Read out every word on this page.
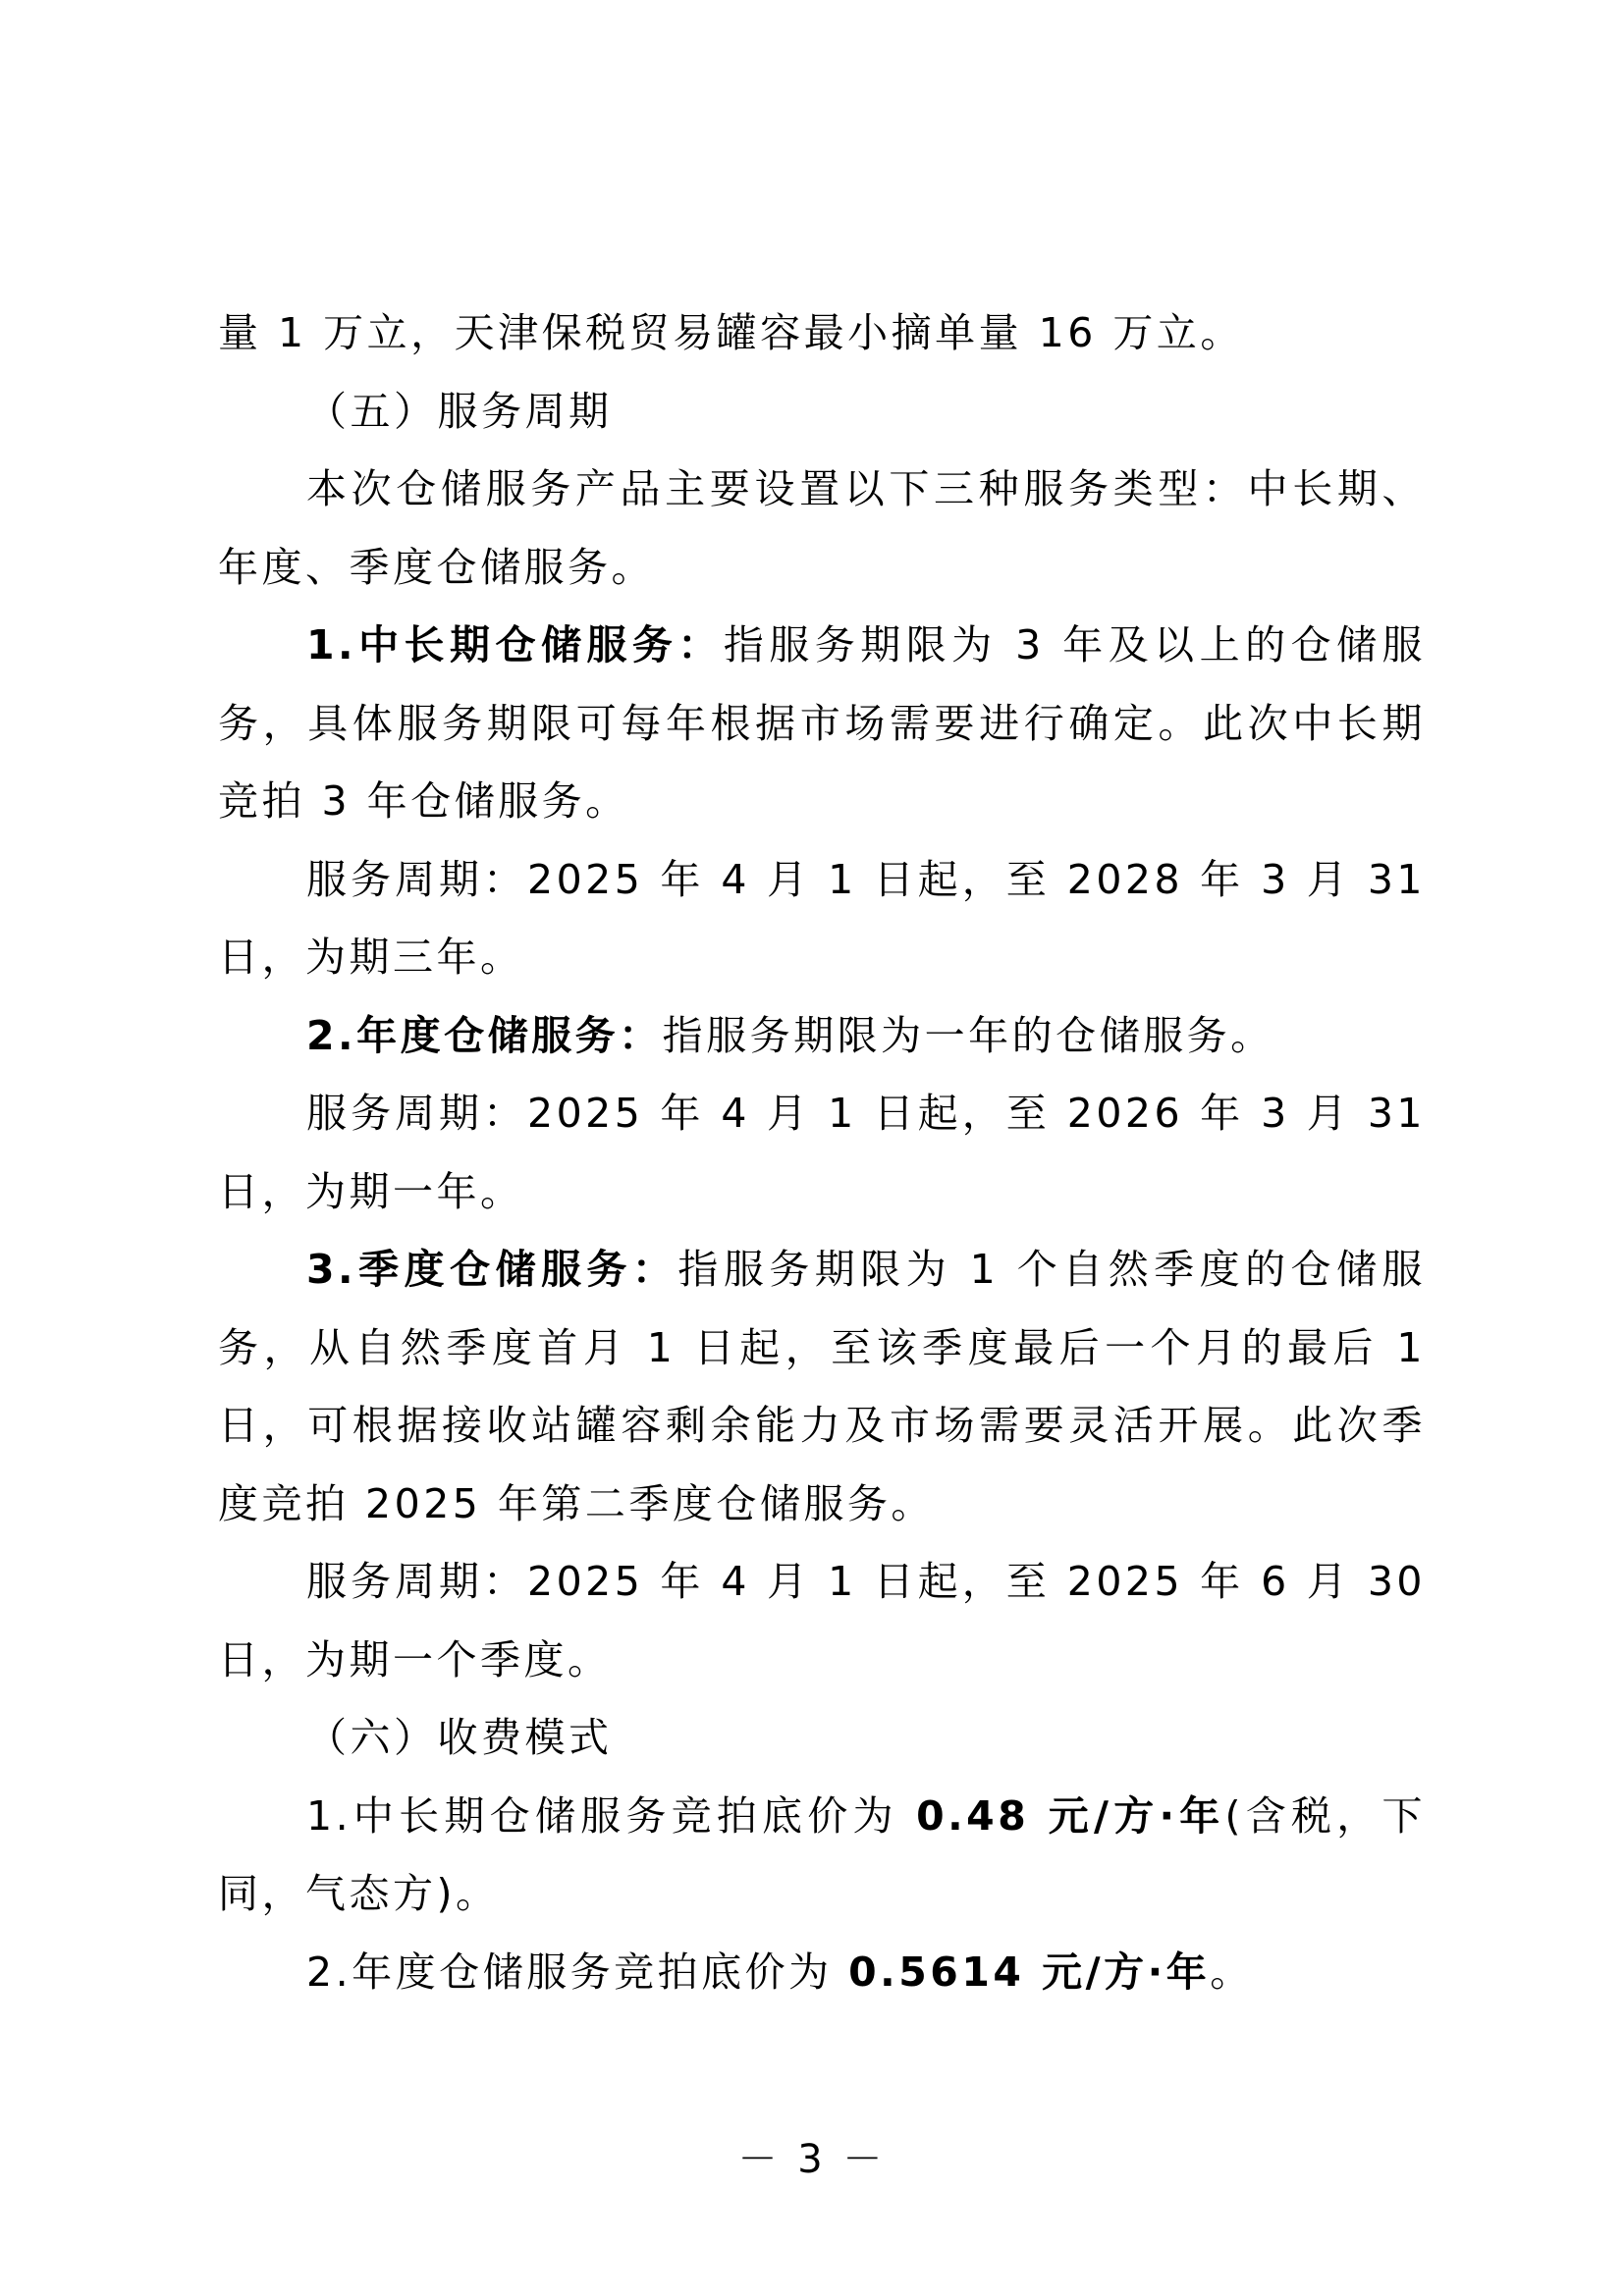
量 1 万立，天津保税贸易罐容最小摘单量 16 万立。

（五）服务周期

本次仓储服务产品主要设置以下三种服务类型：中长期、年度、季度仓储服务。

1.中长期仓储服务：指服务期限为 3 年及以上的仓储服务，具体服务期限可每年根据市场需要进行确定。此次中长期竞拍 3 年仓储服务。

服务周期：2025 年 4 月 1 日起，至 2028 年 3 月 31 日，为期三年。

2.年度仓储服务：指服务期限为一年的仓储服务。

服务周期：2025 年 4 月 1 日起，至 2026 年 3 月 31 日，为期一年。

3.季度仓储服务：指服务期限为 1 个自然季度的仓储服务，从自然季度首月 1 日起，至该季度最后一个月的最后 1 日，可根据接收站罐容剩余能力及市场需要灵活开展。此次季度竞拍 2025 年第二季度仓储服务。

服务周期：2025 年 4 月 1 日起，至 2025 年 6 月 30 日，为期一个季度。

（六）收费模式

1.中长期仓储服务竞拍底价为 0.48 元/方·年(含税，下同，气态方)。

2.年度仓储服务竞拍底价为 0.5614 元/方·年。

－ 3 －
